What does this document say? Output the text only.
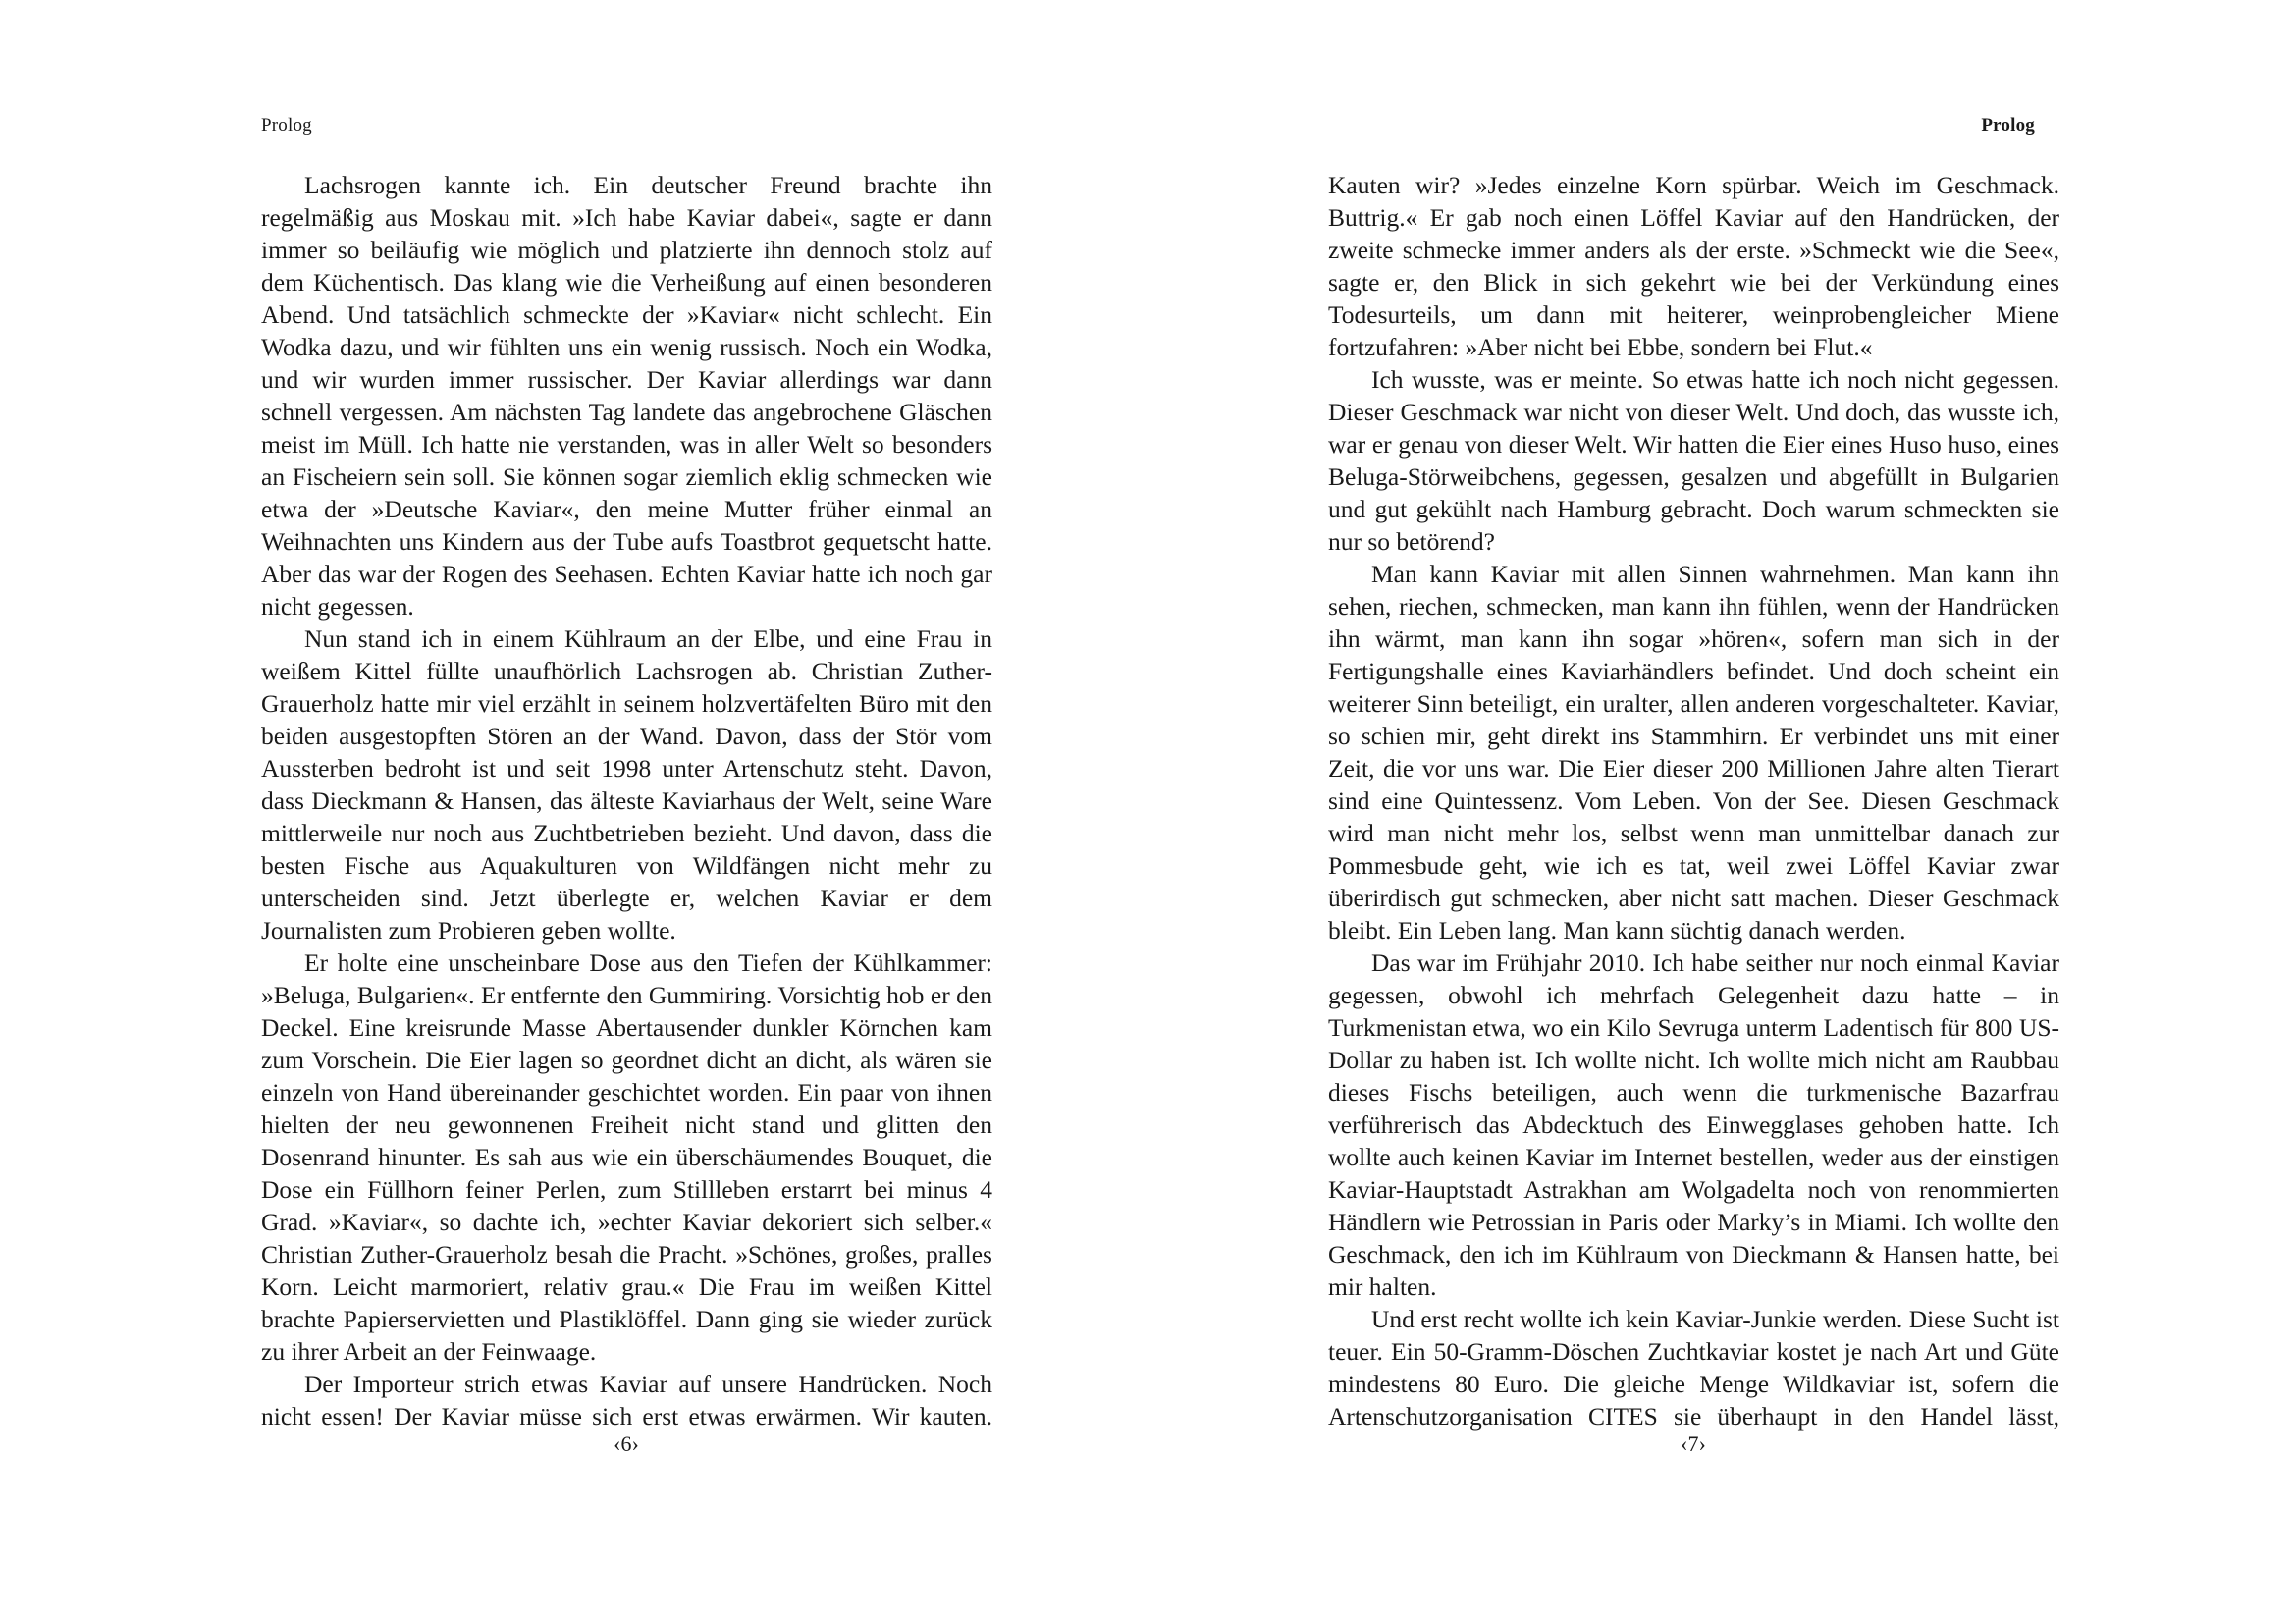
Prolog

Lachsrogen kannte ich. Ein deutscher Freund brachte ihn regelmäßig aus Moskau mit. »Ich habe Kaviar dabei«, sagte er dann immer so beiläufig wie möglich und platzierte ihn dennoch stolz auf dem Küchentisch. Das klang wie die Verheißung auf einen besonderen Abend. Und tatsächlich schmeckte der »Kaviar« nicht schlecht. Ein Wodka dazu, und wir fühlten uns ein wenig russisch. Noch ein Wodka, und wir wurden immer russischer. Der Kaviar allerdings war dann schnell vergessen. Am nächsten Tag landete das angebrochene Gläschen meist im Müll. Ich hatte nie verstanden, was in aller Welt so besonders an Fischeiern sein soll. Sie können sogar ziemlich eklig schmecken wie etwa der »Deutsche Kaviar«, den meine Mutter früher einmal an Weihnachten uns Kindern aus der Tube aufs Toastbrot gequetscht hatte. Aber das war der Rogen des Seehasen. Echten Kaviar hatte ich noch gar nicht gegessen.

Nun stand ich in einem Kühlraum an der Elbe, und eine Frau in weißem Kittel füllte unaufhörlich Lachsrogen ab. Christian Zuther-Grauerholz hatte mir viel erzählt in seinem holzvertäfelten Büro mit den beiden ausgestopften Stören an der Wand. Davon, dass der Stör vom Aussterben bedroht ist und seit 1998 unter Artenschutz steht. Davon, dass Dieckmann & Hansen, das älteste Kaviarhaus der Welt, seine Ware mittlerweile nur noch aus Zuchtbetrieben bezieht. Und davon, dass die besten Fische aus Aquakulturen von Wildfängen nicht mehr zu unterscheiden sind. Jetzt überlegte er, welchen Kaviar er dem Journalisten zum Probieren geben wollte.

Er holte eine unscheinbare Dose aus den Tiefen der Kühlkammer: »Beluga, Bulgarien«. Er entfernte den Gummiring. Vorsichtig hob er den Deckel. Eine kreisrunde Masse Abertausender dunkler Körnchen kam zum Vorschein. Die Eier lagen so geordnet dicht an dicht, als wären sie einzeln von Hand übereinander geschichtet worden. Ein paar von ihnen hielten der neu gewonnenen Freiheit nicht stand und glitten den Dosenrand hinunter. Es sah aus wie ein überschäumendes Bouquet, die Dose ein Füllhorn feiner Perlen, zum Stillleben erstarrt bei minus 4 Grad. »Kaviar«, so dachte ich, »echter Kaviar dekoriert sich selber.« Christian Zuther-Grauerholz besah die Pracht. »Schönes, großes, pralles Korn. Leicht marmoriert, relativ grau.« Die Frau im weißen Kittel brachte Papierservietten und Plastiklöffel. Dann ging sie wieder zurück zu ihrer Arbeit an der Feinwaage.

Der Importeur strich etwas Kaviar auf unsere Handrücken. Noch nicht essen! Der Kaviar müsse sich erst etwas erwärmen. Wir kauten.

‹6›
Prolog

Kauten wir? »Jedes einzelne Korn spürbar. Weich im Geschmack. Buttrig.« Er gab noch einen Löffel Kaviar auf den Handrücken, der zweite schmecke immer anders als der erste. »Schmeckt wie die See«, sagte er, den Blick in sich gekehrt wie bei der Verkündung eines Todesurteils, um dann mit heiterer, weinprobengleicher Miene fortzufahren: »Aber nicht bei Ebbe, sondern bei Flut.«

Ich wusste, was er meinte. So etwas hatte ich noch nicht gegessen. Dieser Geschmack war nicht von dieser Welt. Und doch, das wusste ich, war er genau von dieser Welt. Wir hatten die Eier eines Huso huso, eines Beluga-Störweibchens, gegessen, gesalzen und abgefüllt in Bulgarien und gut gekühlt nach Hamburg gebracht. Doch warum schmeckten sie nur so betörend?

Man kann Kaviar mit allen Sinnen wahrnehmen. Man kann ihn sehen, riechen, schmecken, man kann ihn fühlen, wenn der Handrücken ihn wärmt, man kann ihn sogar »hören«, sofern man sich in der Fertigungshalle eines Kaviarhändlers befindet. Und doch scheint ein weiterer Sinn beteiligt, ein uralter, allen anderen vorgeschalteter. Kaviar, so schien mir, geht direkt ins Stammhirn. Er verbindet uns mit einer Zeit, die vor uns war. Die Eier dieser 200 Millionen Jahre alten Tierart sind eine Quintessenz. Vom Leben. Von der See. Diesen Geschmack wird man nicht mehr los, selbst wenn man unmittelbar danach zur Pommesbude geht, wie ich es tat, weil zwei Löffel Kaviar zwar überirdisch gut schmecken, aber nicht satt machen. Dieser Geschmack bleibt. Ein Leben lang. Man kann süchtig danach werden.

Das war im Frühjahr 2010. Ich habe seither nur noch einmal Kaviar gegessen, obwohl ich mehrfach Gelegenheit dazu hatte – in Turkmenistan etwa, wo ein Kilo Sevruga unterm Ladentisch für 800 US-Dollar zu haben ist. Ich wollte nicht. Ich wollte mich nicht am Raubbau dieses Fischs beteiligen, auch wenn die turkmenische Bazarfrau verführerisch das Abdecktuch des Einwegglases gehoben hatte. Ich wollte auch keinen Kaviar im Internet bestellen, weder aus der einstigen Kaviar-Hauptstadt Astrakhan am Wolgadelta noch von renommierten Händlern wie Petrossian in Paris oder Marky’s in Miami. Ich wollte den Geschmack, den ich im Kühlraum von Dieckmann & Hansen hatte, bei mir halten.

Und erst recht wollte ich kein Kaviar-Junkie werden. Diese Sucht ist teuer. Ein 50-Gramm-Döschen Zuchtkaviar kostet je nach Art und Güte mindestens 80 Euro. Die gleiche Menge Wildkaviar ist, sofern die Artenschutzorganisation CITES sie überhaupt in den Handel lässt,

‹7›
